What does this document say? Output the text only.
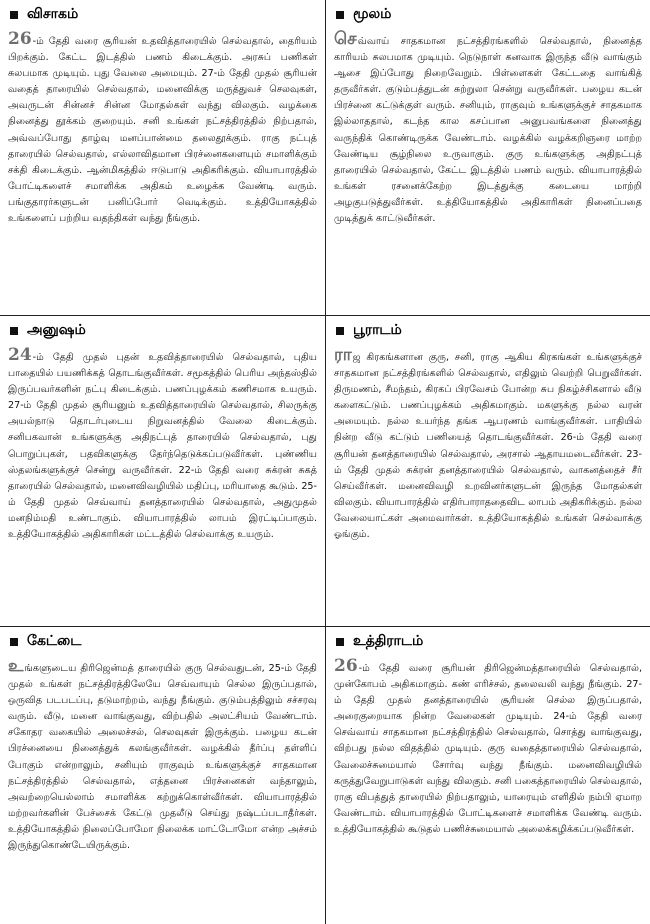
விசாகம்
26-ம் தேதி வரை சூரியன் உதவித்தாரையில் செல்வதால், தைரியம் பிறக்கும். கேட்ட இடத்தில் பணம் கிடைக்கும். அரசுப் பணிகள் சுலபமாக முடியும். புது வேலை அமையும். 27-ம் தேதி முதல் சூரியன் வதைத் தாரையில் செல்வதால், மனைவிக்கு மருத்துவச் செலவுகள், அவருடன் சின்னச் சின்ன மோதல்கள் வந்து விலகும். வழக்கை நினைத்து தூக்கம் குறையும். சனி உங்கள் நட்சத்திரத்தில் நிற்பதால், அவ்வப்போது தாழ்வு மனப்பான்மை தலைதூக்கும். ராகு நட்புத் தாரையில் செல்வதால், எல்லாவிதமான பிரச்னைகளையும் சமாளிக்கும் சக்தி கிடைக்கும். ஆன்மிகத்தில் ஈடுபாடு அதிகரிக்கும். வியாபாரத்தில் போட்டிகளைச் சமாளிக்க அதிகம் உழைக்க வேண்டி வரும். பங்குதாரர்களுடன் பனிப்போர் வெடிக்கும். உத்தியோகத்தில் உங்களைப் பற்றிய வதந்திகள் வந்து நீங்கும்.
மூலம்
செவ்வாய் சாதகமான நட்சத்திரங்களில் செல்வதால், நினைத்த காரியம் சுலபமாக முடியும். நெடுநாள் கனவாக இருந்த வீடு வாங்கும் ஆசை இப்போது நிறைவேறும். பிள்ளைகள் கேட்டதை வாங்கித் தருவீர்கள். குடும்பத்துடன் சுற்றுலா சென்று வருவீர்கள். பழைய கடன் பிரச்னை கட்டுக்குள் வரும். சனியும், ராகுவும் உங்களுக்குச் சாதகமாக இல்லாததால், கடந்த கால கசப்பான அனுபவங்களை நினைத்து வருந்திக் கொண்டிருக்க வேண்டாம். வழக்கில் வழக்கறிஞரை மாற்ற வேண்டிய சூழ்நிலை உருவாகும். குரு உங்களுக்கு அதிநட்புத் தாரையில் செல்வதால், கேட்ட இடத்தில் பணம் வரும். வியாபாரத்தில் உங்கள் ரசனைக்கேற்ற இடத்துக்கு கடையை மாற்றி அழகுபடுத்துவீர்கள். உத்தியோகத்தில் அதிகாரிகள் நினைப்பதை முடித்துக் காட்டுவீர்கள்.
அனுஷம்
24-ம் தேதி முதல் புதன் உதவித்தாரையில் செல்வதால், புதிய பாதையில் பயணிக்கத் தொடங்குவீர்கள். சமூகத்தில் பெரிய அந்தஸ்தில் இருப்பவர்களின் நட்பு கிடைக்கும். பணப்புழக்கம் கணிசமாக உயரும். 27-ம் தேதி முதல் சூரியனும் உதவித்தாரையில் செல்வதால், சிலருக்கு அயல்நாடு தொடர்புடைய நிறுவனத்தில் வேலை கிடைக்கும். சனிபகவான் உங்களுக்கு அதிநட்புத் தாரையில் செல்வதால், புது பொறுப்புகள், பதவிகளுக்கு தேர்ந்தெடுக்கப்படுவீர்கள். புண்ணிய ஸ்தலங்களுக்குச் சென்று வருவீர்கள். 22-ம் தேதி வரை சுக்ரன் சுகத் தாரையில் செல்வதால், மனைவிவழியில் மதிப்பு, மரியாதை கூடும். 25-ம் தேதி முதல் செவ்வாய் தனத்தாரையில் செல்வதால், அதுமுதல் மனநிம்மதி உண்டாகும். வியாபாரத்தில் லாபம் இரட்டிப்பாகும். உத்தியோகத்தில் அதிகாரிகள் மட்டத்தில் செல்வாக்கு உயரும்.
பூராடம்
ராஜ கிரகங்களான குரு, சனி, ராகு ஆகிய கிரகங்கள் உங்களுக்குச் சாதகமான நட்சத்திரங்களில் செல்வதால், எதிலும் வெற்றி பெறுவீர்கள். திருமணம், சீமந்தம், கிரகப் பிரவேசம் போன்ற சுப நிகழ்ச்சிகளால் வீடு களைகட்டும். பணப்புழக்கம் அதிகமாகும். மகளுக்கு நல்ல வரன் அமையும். நல்ல உயர்ந்த தங்க ஆபரணம் வாங்குவீர்கள். பாதியில் நின்ற வீடு கட்டும் பணியைத் தொடங்குவீர்கள். 26-ம் தேதி வரை சூரியன் தனத்தாரையில் செல்வதால், அரசால் ஆதாயமடைவீர்கள். 23-ம் தேதி முதல் சுக்ரன் தனத்தாரையில் செல்வதால், வாகனத்தைச் சீர் செய்வீர்கள். மனைவிவழி உறவினர்களுடன் இருந்த மோதல்கள் விலகும். வியாபாரத்தில் எதிர்பாராததைவிட லாபம் அதிகரிக்கும். நல்ல வேலையாட்கள் அமைவார்கள். உத்தியோகத்தில் உங்கள் செல்வாக்கு ஓங்கும்.
கேட்டை
உங்களுடைய திரிஜென்மத் தாரையில் குரு செல்வதுடன், 25-ம் தேதி முதல் உங்கள் நட்சத்திரத்திலேயே செவ்வாயும் செல்ல இருப்பதால், ஒருவித படபடப்பு, தடுமாற்றம், வந்து நீங்கும். குடும்பத்திலும் சச்சரவு வரும். வீடு, மனை வாங்குவது, விற்பதில் அலட்சியம் வேண்டாம். சகோதர வகையில் அலைச்சல், செலவுகள் இருக்கும். பழைய கடன் பிரச்னையை நினைத்துக் கலங்குவீர்கள். வழக்கில் தீர்ப்பு தள்ளிப் போகும் என்றாலும், சனியும் ராகுவும் உங்களுக்குச் சாதகமான நட்சத்திரத்தில் செல்வதால், எத்தனை பிரச்னைகள் வந்தாலும், அவற்றையெல்லாம் சமாளிக்க கற்றுக்கொள்வீர்கள். வியாபாரத்தில் மற்றவர்களின் பேச்சைக் கேட்டு முதலீடு செய்து நஷ்டப்படாதீர்கள். உத்தியோகத்தில் நிலைப்போமோ நிலைக்க மாட்டோமோ என்ற அச்சம் இருந்துகொண்டேயிருக்கும்.
உத்திராடம்
26-ம் தேதி வரை சூரியன் திரிஜென்மத்தாரையில் செல்வதால், முன்கோபம் அதிகமாகும். கண் எரிச்சல், தலைவலி வந்து நீங்கும். 27-ம் தேதி முதல் தனத்தாரையில் சூரியன் செல்ல இருப்பதால், அரைகுறையாக நின்ற வேலைகள் முடியும். 24-ம் தேதி வரை செவ்வாய் சாதகமான நட்சத்திரத்தில் செல்வதால், சொத்து வாங்குவது, விற்பது நல்ல விதத்தில் முடியும். குரு வதைத்தாரையில் செல்வதால், வேலைச்சுமையால் சோர்வு வந்து நீங்கும். மனைவிவழியில் கருத்துவேறுபாடுகள் வந்து விலகும். சனி பகைத்தாரையில் செல்வதால், ராகு விபத்துத் தாரையில் நிற்பதாலும், யாரையும் எளிதில் நம்பி ஏமாற வேண்டாம். வியாபாரத்தில் போட்டிகளைச் சமாளிக்க வேண்டி வரும். உத்தியோகத்தில் கூடுதல் பணிச்சுமையால் அலைக்கழிக்கப்படுவீர்கள்.
